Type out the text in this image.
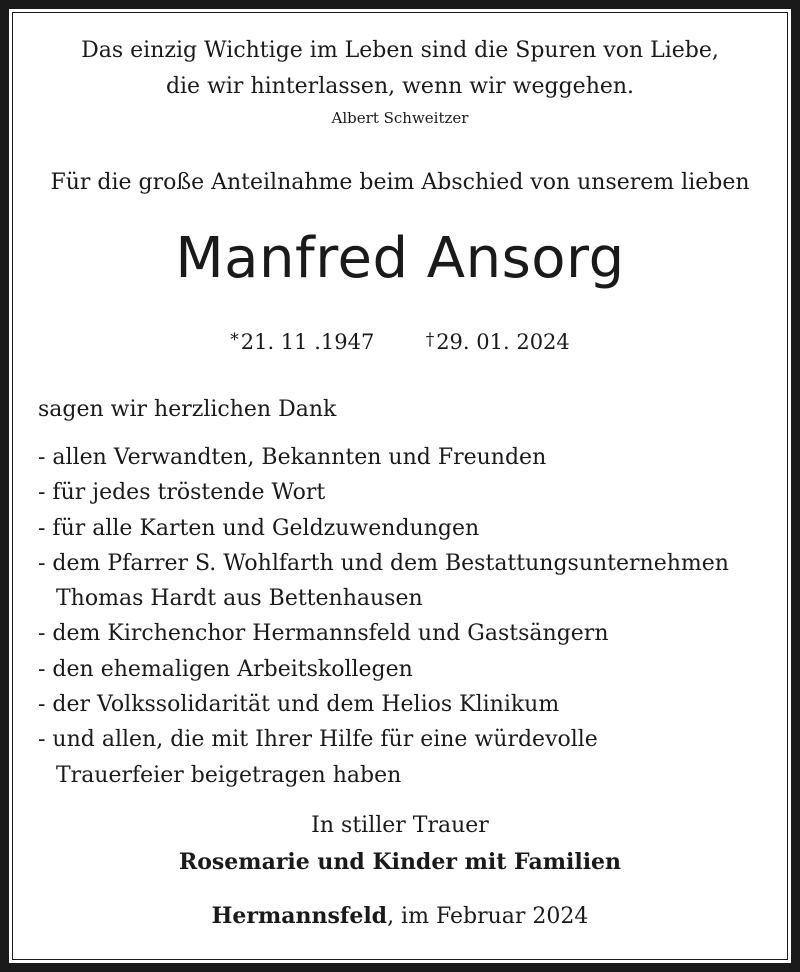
Das einzig Wichtige im Leben sind die Spuren von Liebe,
die wir hinterlassen, wenn wir weggehen.
Albert Schweitzer
Für die große Anteilnahme beim Abschied von unserem lieben
Manfred Ansorg
*21. 11 .1947	†29. 01. 2024
sagen wir herzlichen Dank
- allen Verwandten, Bekannten und Freunden
- für jedes tröstende Wort
- für alle Karten und Geldzuwendungen
- dem Pfarrer S. Wohlfarth und dem Bestattungsunternehmen
Thomas Hardt aus Bettenhausen
- dem Kirchenchor Hermannsfeld und Gastsängern
- den ehemaligen Arbeitskollegen
- der Volkssolidarität und dem Helios Klinikum
- und allen, die mit Ihrer Hilfe für eine würdevolle
Trauerfeier beigetragen haben
In stiller Trauer
Rosemarie und Kinder mit Familien
Hermannsfeld, im Februar 2024
